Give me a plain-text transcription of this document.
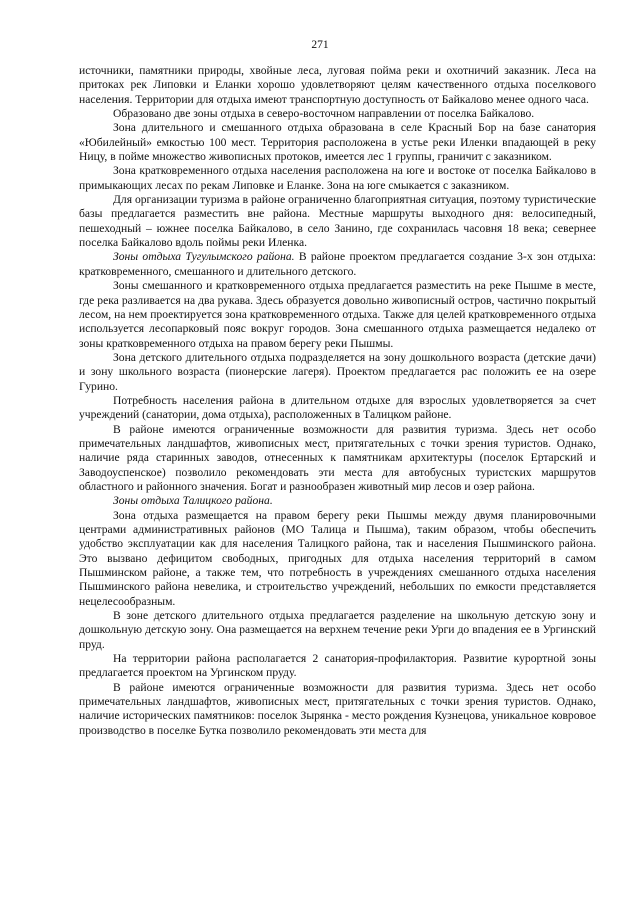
271

источники, памятники природы, хвойные леса, луговая пойма реки и охотничий заказник. Леса на притоках рек Липовки и Еланки хорошо удовлетворяют целям качественного отдыха поселкового населения. Территории для отдыха имеют транспортную доступность от Байкалово менее одного часа.

Образовано две зоны отдыха в северо-восточном направлении от поселка Байкалово.

Зона длительного и смешанного отдыха образована в селе Красный Бор на базе санатория «Юбилейный» емкостью 100 мест. Территория расположена в устье реки Иленки впадающей в реку Ницу, в пойме множество живописных протоков, имеется лес 1 группы, граничит с заказником.

Зона кратковременного отдыха населения расположена на юге и востоке от поселка Байкалово в примыкающих лесах по рекам Липовке и Еланке. Зона на юге смыкается с заказником.

Для организации туризма в районе ограниченно благоприятная ситуация, поэтому туристические базы предлагается разместить вне района. Местные маршруты выходного дня: велосипедный, пешеходный – южнее поселка Байкалово, в село Занино, где сохранилась часовня 18 века; севернее поселка Байкалово вдоль поймы реки Иленка.

Зоны отдыха Тугулымского района. В районе проектом предлагается создание 3-х зон отдыха: кратковременного, смешанного и длительного детского.

Зоны смешанного и кратковременного отдыха предлагается разместить на реке Пышме в месте, где река разливается на два рукава. Здесь образуется довольно живописный остров, частично покрытый лесом, на нем проектируется зона кратковременного отдыха. Также для целей кратковременного отдыха используется лесопарковый пояс вокруг городов. Зона смешанного отдыха размещается недалеко от зоны кратковременного отдыха на правом берегу реки Пышмы.

Зона детского длительного отдыха подразделяется на зону дошкольного возраста (детские дачи) и зону школьного возраста (пионерские лагеря). Проектом предлагается рас положить ее на озере Гурино.

Потребность населения района в длительном отдыхе для взрослых удовлетворяется за счет учреждений (санатории, дома отдыха), расположенных в Талицком районе.

В районе имеются ограниченные возможности для развития туризма. Здесь нет особо примечательных ландшафтов, живописных мест, притягательных с точки зрения туристов. Однако, наличие ряда старинных заводов, отнесенных к памятникам архитектуры (поселок Ертарский и Заводоуспенское) позволило рекомендовать эти места для автобусных туристских маршрутов областного и районного значения. Богат и разнообразен животный мир лесов и озер района.

Зоны отдыха Талицкого района.

Зона отдыха размещается на правом берегу реки Пышмы между двумя планировочными центрами административных районов (МО Талица и Пышма), таким образом, чтобы обеспечить удобство эксплуатации как для населения Талицкого района, так и населения Пышминского района. Это вызвано дефицитом свободных, пригодных для отдыха населения территорий в самом Пышминском районе, а также тем, что потребность в учреждениях смешанного отдыха населения Пышминского района невелика, и строительство учреждений, небольших по емкости представляется нецелесообразным.

В зоне детского длительного отдыха предлагается разделение на школьную детскую зону и дошкольную детскую зону. Она размещается на верхнем течение реки Урги до впадения ее в Ургинский пруд.

На территории района располагается 2 санатория-профилактория. Развитие курортной зоны предлагается проектом на Ургинском пруду.

В районе имеются ограниченные возможности для развития туризма. Здесь нет особо примечательных ландшафтов, живописных мест, притягательных с точки зрения туристов. Однако, наличие исторических памятников: поселок Зырянка - место рождения Кузнецова, уникальное ковровое производство в поселке Бутка позволило рекомендовать эти места для
